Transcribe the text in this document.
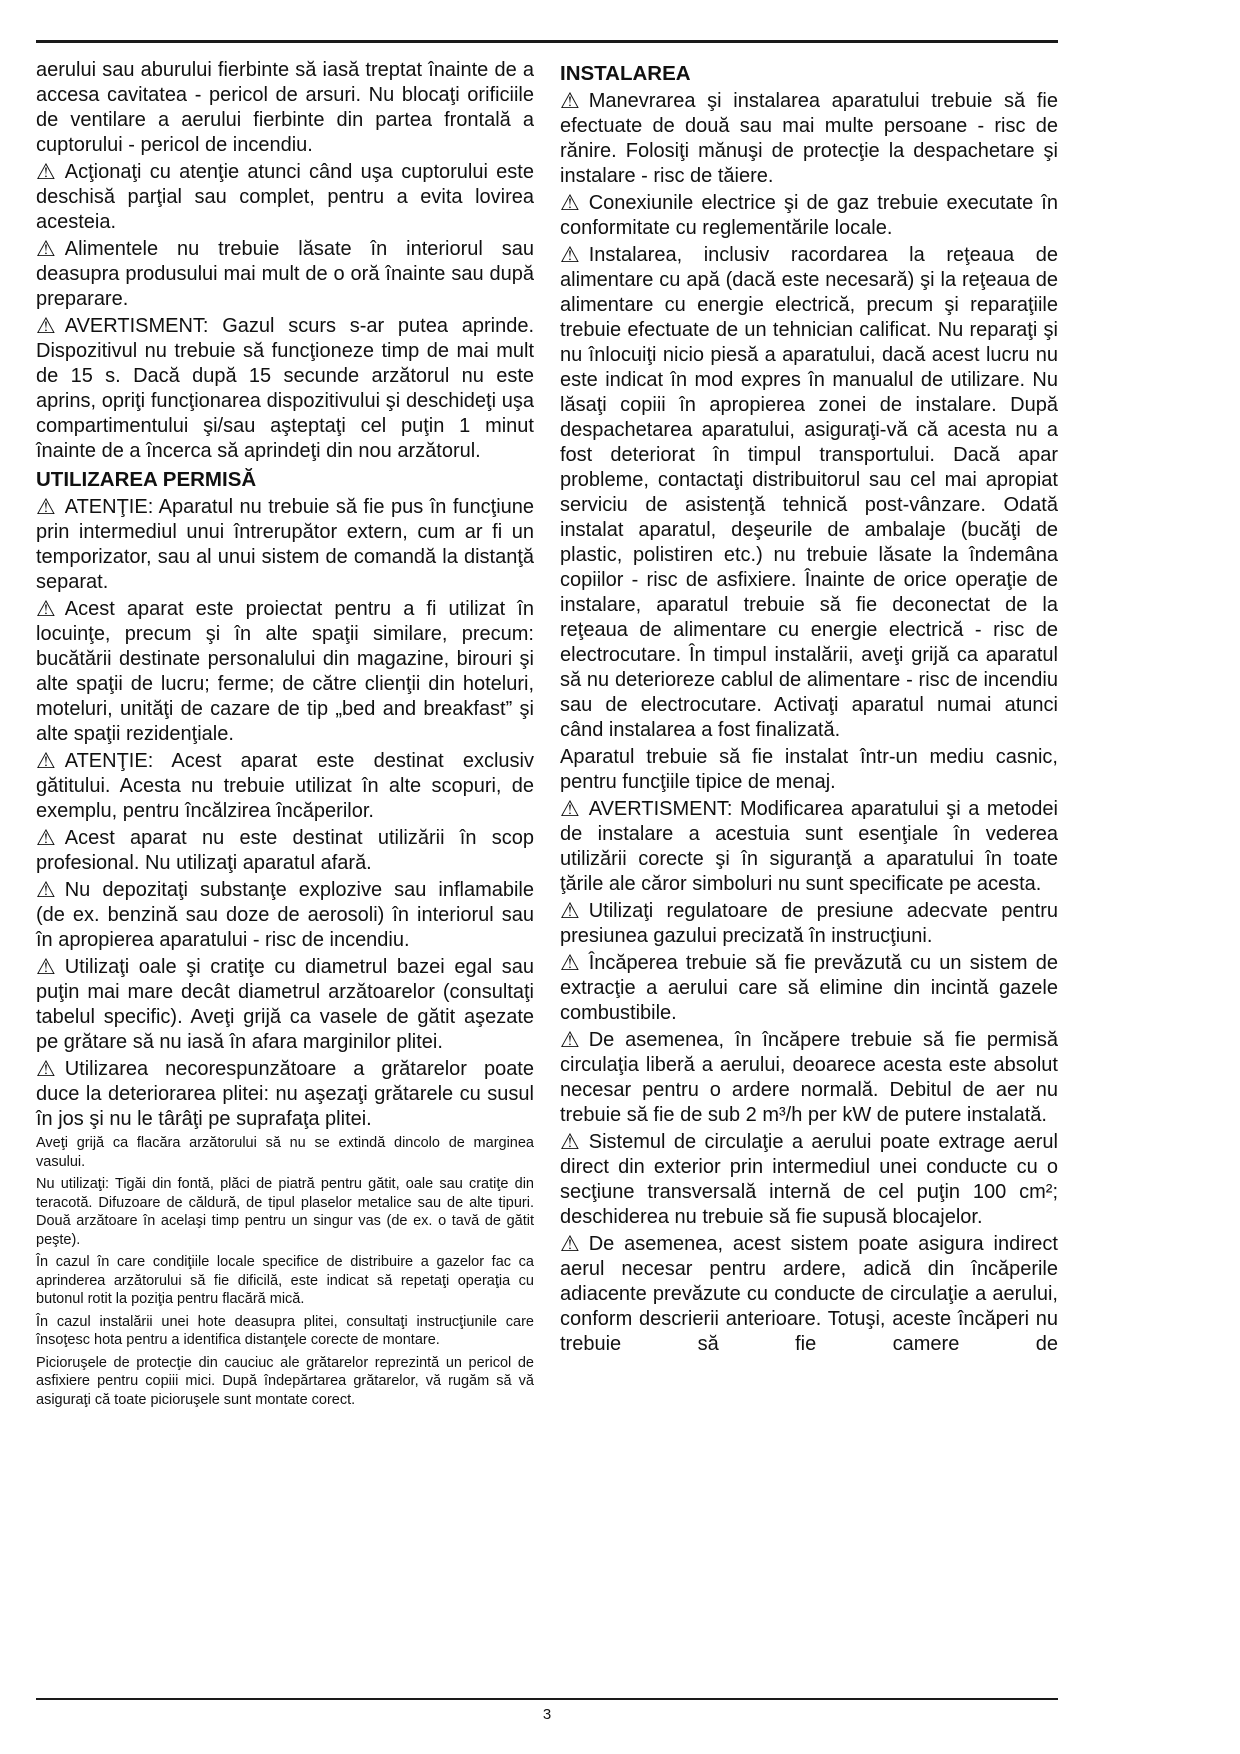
aerului sau aburului fierbinte să iasă treptat înainte de a accesa cavitatea - pericol de arsuri. Nu blocaţi orificiile de ventilare a aerului fierbinte din partea frontală a cuptorului - pericol de incendiu.

⚠ Acţionaţi cu atenţie atunci când uşa cuptorului este deschisă parţial sau complet, pentru a evita lovirea acesteia.

⚠ Alimentele nu trebuie lăsate în interiorul sau deasupra produsului mai mult de o oră înainte sau după preparare.

⚠ AVERTISMENT: Gazul scurs s-ar putea aprinde. Dispozitivul nu trebuie să funcţioneze timp de mai mult de 15 s. Dacă după 15 secunde arzătorul nu este aprins, opriţi funcţionarea dispozitivului şi deschideţi uşa compartimentului şi/sau aşteptaţi cel puţin 1 minut înainte de a încerca să aprindeţi din nou arzătorul.

UTILIZAREA PERMISĂ

⚠ ATENŢIE: Aparatul nu trebuie să fie pus în funcţiune prin intermediul unui întrerupător extern, cum ar fi un temporizator, sau al unui sistem de comandă la distanţă separat.

⚠ Acest aparat este proiectat pentru a fi utilizat în locuinţe, precum şi în alte spaţii similare, precum: bucătării destinate personalului din magazine, birouri şi alte spaţii de lucru; ferme; de către clienţii din hoteluri, moteluri, unităţi de cazare de tip „bed and breakfast” şi alte spaţii rezidenţiale.

⚠ ATENŢIE: Acest aparat este destinat exclusiv gătitului. Acesta nu trebuie utilizat în alte scopuri, de exemplu, pentru încălzirea încăperilor.

⚠ Acest aparat nu este destinat utilizării în scop profesional. Nu utilizaţi aparatul afară.

⚠ Nu depozitaţi substanţe explozive sau inflamabile (de ex. benzină sau doze de aerosoli) în interiorul sau în apropierea aparatului - risc de incendiu.

⚠ Utilizaţi oale şi cratiţe cu diametrul bazei egal sau puţin mai mare decât diametrul arzătoarelor (consultaţi tabelul specific). Aveţi grijă ca vasele de gătit aşezate pe grătare să nu iasă în afara marginilor plitei.

⚠ Utilizarea necorespunzătoare a grătarelor poate duce la deteriorarea plitei: nu aşezaţi grătarele cu susul în jos şi nu le târâţi pe suprafaţa plitei.

Aveţi grijă ca flacăra arzătorului să nu se extindă dincolo de marginea vasului.

Nu utilizaţi: Tigăi din fontă, plăci de piatră pentru gătit, oale sau cratiţe din teracotă. Difuzoare de căldură, de tipul plaselor metalice sau de alte tipuri. Două arzătoare în acelaşi timp pentru un singur vas (de ex. o tavă de gătit peşte).

În cazul în care condiţiile locale specifice de distribuire a gazelor fac ca aprinderea arzătorului să fie dificilă, este indicat să repetaţi operaţia cu butonul rotit la poziţia pentru flacără mică.

În cazul instalării unei hote deasupra plitei, consultaţi instrucţiunile care însoţesc hota pentru a identifica distanţele corecte de montare.

Picioruşele de protecţie din cauciuc ale grătarelor reprezintă un pericol de asfixiere pentru copiii mici. După îndepărtarea grătarelor, vă rugăm să vă asiguraţi că toate picioruşele sunt montate corect.

INSTALAREA

⚠ Manevrarea şi instalarea aparatului trebuie să fie efectuate de două sau mai multe persoane - risc de rănire. Folosiţi mănuşi de protecţie la despachetare şi instalare - risc de tăiere.

⚠ Conexiunile electrice şi de gaz trebuie executate în conformitate cu reglementările locale.

⚠ Instalarea, inclusiv racordarea la reţeaua de alimentare cu apă (dacă este necesară) şi la reţeaua de alimentare cu energie electrică, precum şi reparaţiile trebuie efectuate de un tehnician calificat. Nu reparaţi şi nu înlocuiţi nicio piesă a aparatului, dacă acest lucru nu este indicat în mod expres în manualul de utilizare. Nu lăsaţi copiii în apropierea zonei de instalare. După despachetarea aparatului, asiguraţi-vă că acesta nu a fost deteriorat în timpul transportului. Dacă apar probleme, contactaţi distribuitorul sau cel mai apropiat serviciu de asistenţă tehnică post-vânzare. Odată instalat aparatul, deşeurile de ambalaje (bucăţi de plastic, polistiren etc.) nu trebuie lăsate la îndemâna copiilor - risc de asfixiere. Înainte de orice operaţie de instalare, aparatul trebuie să fie deconectat de la reţeaua de alimentare cu energie electrică - risc de electrocutare. În timpul instalării, aveţi grijă ca aparatul să nu deterioreze cablul de alimentare - risc de incendiu sau de electrocutare. Activaţi aparatul numai atunci când instalarea a fost finalizată.

Aparatul trebuie să fie instalat într-un mediu casnic, pentru funcţiile tipice de menaj.

⚠ AVERTISMENT: Modificarea aparatului şi a metodei de instalare a acestuia sunt esenţiale în vederea utilizării corecte şi în siguranţă a aparatului în toate ţările ale căror simboluri nu sunt specificate pe acesta.

⚠ Utilizaţi regulatoare de presiune adecvate pentru presiunea gazului precizată în instrucţiuni.

⚠ Încăperea trebuie să fie prevăzută cu un sistem de extracţie a aerului care să elimine din incintă gazele combustibile.

⚠ De asemenea, în încăpere trebuie să fie permisă circulaţia liberă a aerului, deoarece acesta este absolut necesar pentru o ardere normală. Debitul de aer nu trebuie să fie de sub 2 m³/h per kW de putere instalată.

⚠ Sistemul de circulaţie a aerului poate extrage aerul direct din exterior prin intermediul unei conducte cu o secţiune transversală internă de cel puţin 100 cm²; deschiderea nu trebuie să fie supusă blocajelor.

⚠ De asemenea, acest sistem poate asigura indirect aerul necesar pentru ardere, adică din încăperile adiacente prevăzute cu conducte de circulaţie a aerului, conform descrierii anterioare. Totuşi, aceste încăperi nu trebuie să fie camere de

3
